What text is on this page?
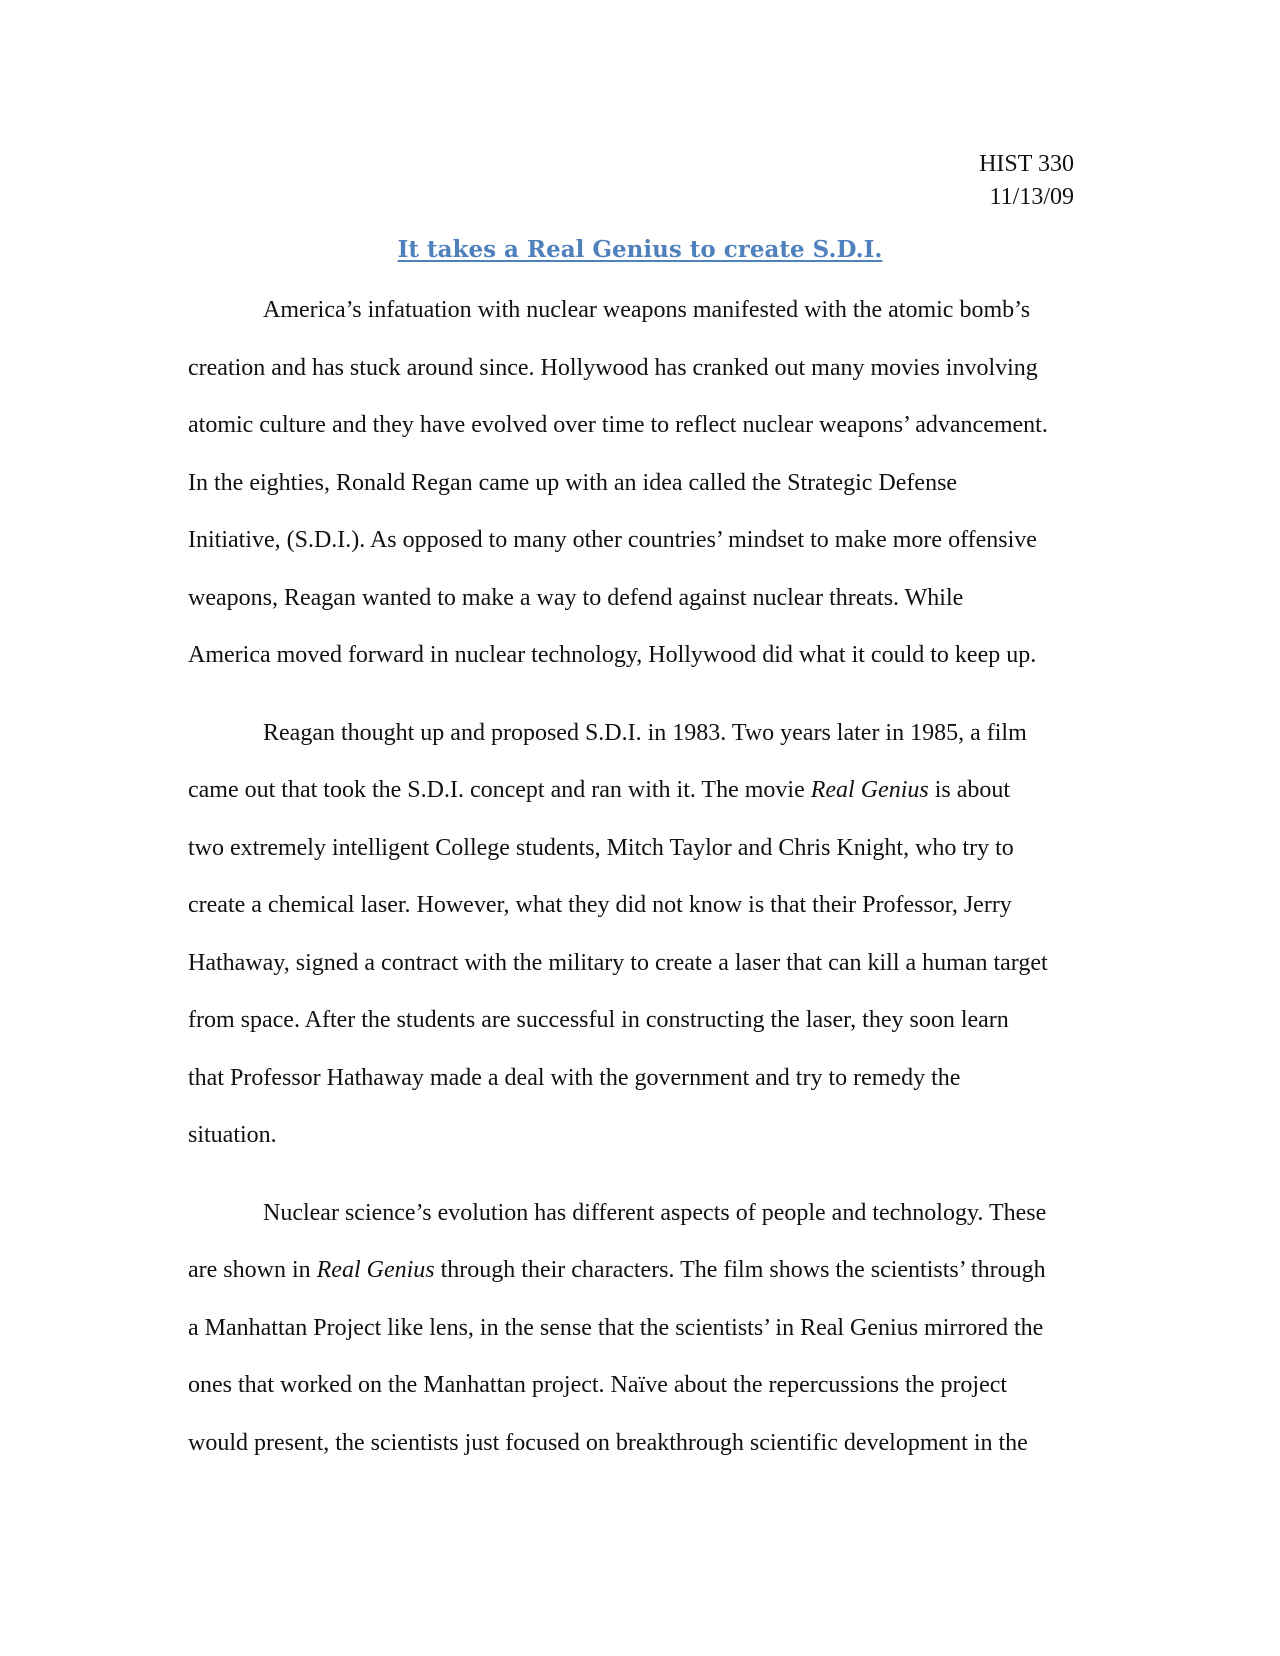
HIST 330
11/13/09
It takes a Real Genius to create S.D.I.

America’s infatuation with nuclear weapons manifested with the atomic bomb’s
creation and has stuck around since. Hollywood has cranked out many movies involving
atomic culture and they have evolved over time to reflect nuclear weapons’ advancement.
In the eighties, Ronald Regan came up with an idea called the Strategic Defense
Initiative, (S.D.I.). As opposed to many other countries’ mindset to make more offensive
weapons, Reagan wanted to make a way to defend against nuclear threats. While
America moved forward in nuclear technology, Hollywood did what it could to keep up.

Reagan thought up and proposed S.D.I. in 1983. Two years later in 1985, a film
came out that took the S.D.I. concept and ran with it. The movie Real Genius is about
two extremely intelligent College students, Mitch Taylor and Chris Knight, who try to
create a chemical laser. However, what they did not know is that their Professor, Jerry
Hathaway, signed a contract with the military to create a laser that can kill a human target
from space. After the students are successful in constructing the laser, they soon learn
that Professor Hathaway made a deal with the government and try to remedy the
situation.

Nuclear science’s evolution has different aspects of people and technology. These
are shown in Real Genius through their characters. The film shows the scientists’ through
a Manhattan Project like lens, in the sense that the scientists’ in Real Genius mirrored the
ones that worked on the Manhattan project. Naïve about the repercussions the project
would present, the scientists just focused on breakthrough scientific development in the
